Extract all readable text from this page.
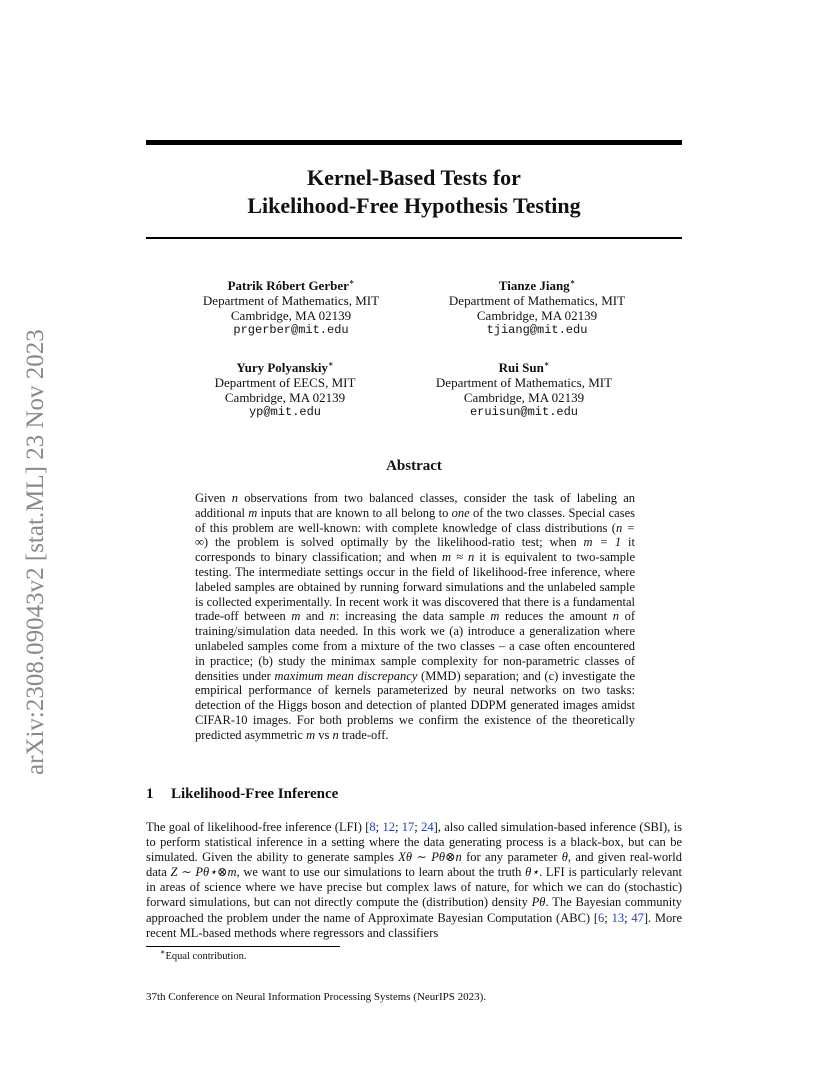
arXiv:2308.09043v2 [stat.ML] 23 Nov 2023
Kernel-Based Tests for
Likelihood-Free Hypothesis Testing
Patrik Róbert Gerber∗
Department of Mathematics, MIT
Cambridge, MA 02139
prgerber@mit.edu
Tianze Jiang∗
Department of Mathematics, MIT
Cambridge, MA 02139
tjiang@mit.edu
Yury Polyanskiy∗
Department of EECS, MIT
Cambridge, MA 02139
yp@mit.edu
Rui Sun∗
Department of Mathematics, MIT
Cambridge, MA 02139
eruisun@mit.edu
Abstract

Given n observations from two balanced classes, consider the task of labeling an additional m inputs that are known to all belong to one of the two classes. Special cases of this problem are well-known: with complete knowledge of class distributions (n = ∞) the problem is solved optimally by the likelihood-ratio test; when m = 1 it corresponds to binary classification; and when m ≈ n it is equivalent to two-sample testing. The intermediate settings occur in the field of likelihood-free inference, where labeled samples are obtained by running forward simulations and the unlabeled sample is collected experimentally. In recent work it was discovered that there is a fundamental trade-off between m and n: increasing the data sample m reduces the amount n of training/simulation data needed. In this work we (a) introduce a generalization where unlabeled samples come from a mixture of the two classes – a case often encountered in practice; (b) study the minimax sample complexity for non-parametric classes of densities under maximum mean discrepancy (MMD) separation; and (c) investigate the empirical performance of kernels parameterized by neural networks on two tasks: detection of the Higgs boson and detection of planted DDPM generated images amidst CIFAR-10 images. For both problems we confirm the existence of the theoretically predicted asymmetric m vs n trade-off.

1 Likelihood-Free Inference

The goal of likelihood-free inference (LFI) [8; 12; 17; 24], also called simulation-based inference (SBI), is to perform statistical inference in a setting where the data generating process is a black-box, but can be simulated. Given the ability to generate samples Xθ ∼ Pθ⊗n for any parameter θ, and given real-world data Z ∼ Pθ⋆⊗m, we want to use our simulations to learn about the truth θ⋆. LFI is particularly relevant in areas of science where we have precise but complex laws of nature, for which we can do (stochastic) forward simulations, but can not directly compute the (distribution) density Pθ. The Bayesian community approached the problem under the name of Approximate Bayesian Computation (ABC) [6; 13; 47]. More recent ML-based methods where regressors and classifiers

∗Equal contribution.
37th Conference on Neural Information Processing Systems (NeurIPS 2023).
